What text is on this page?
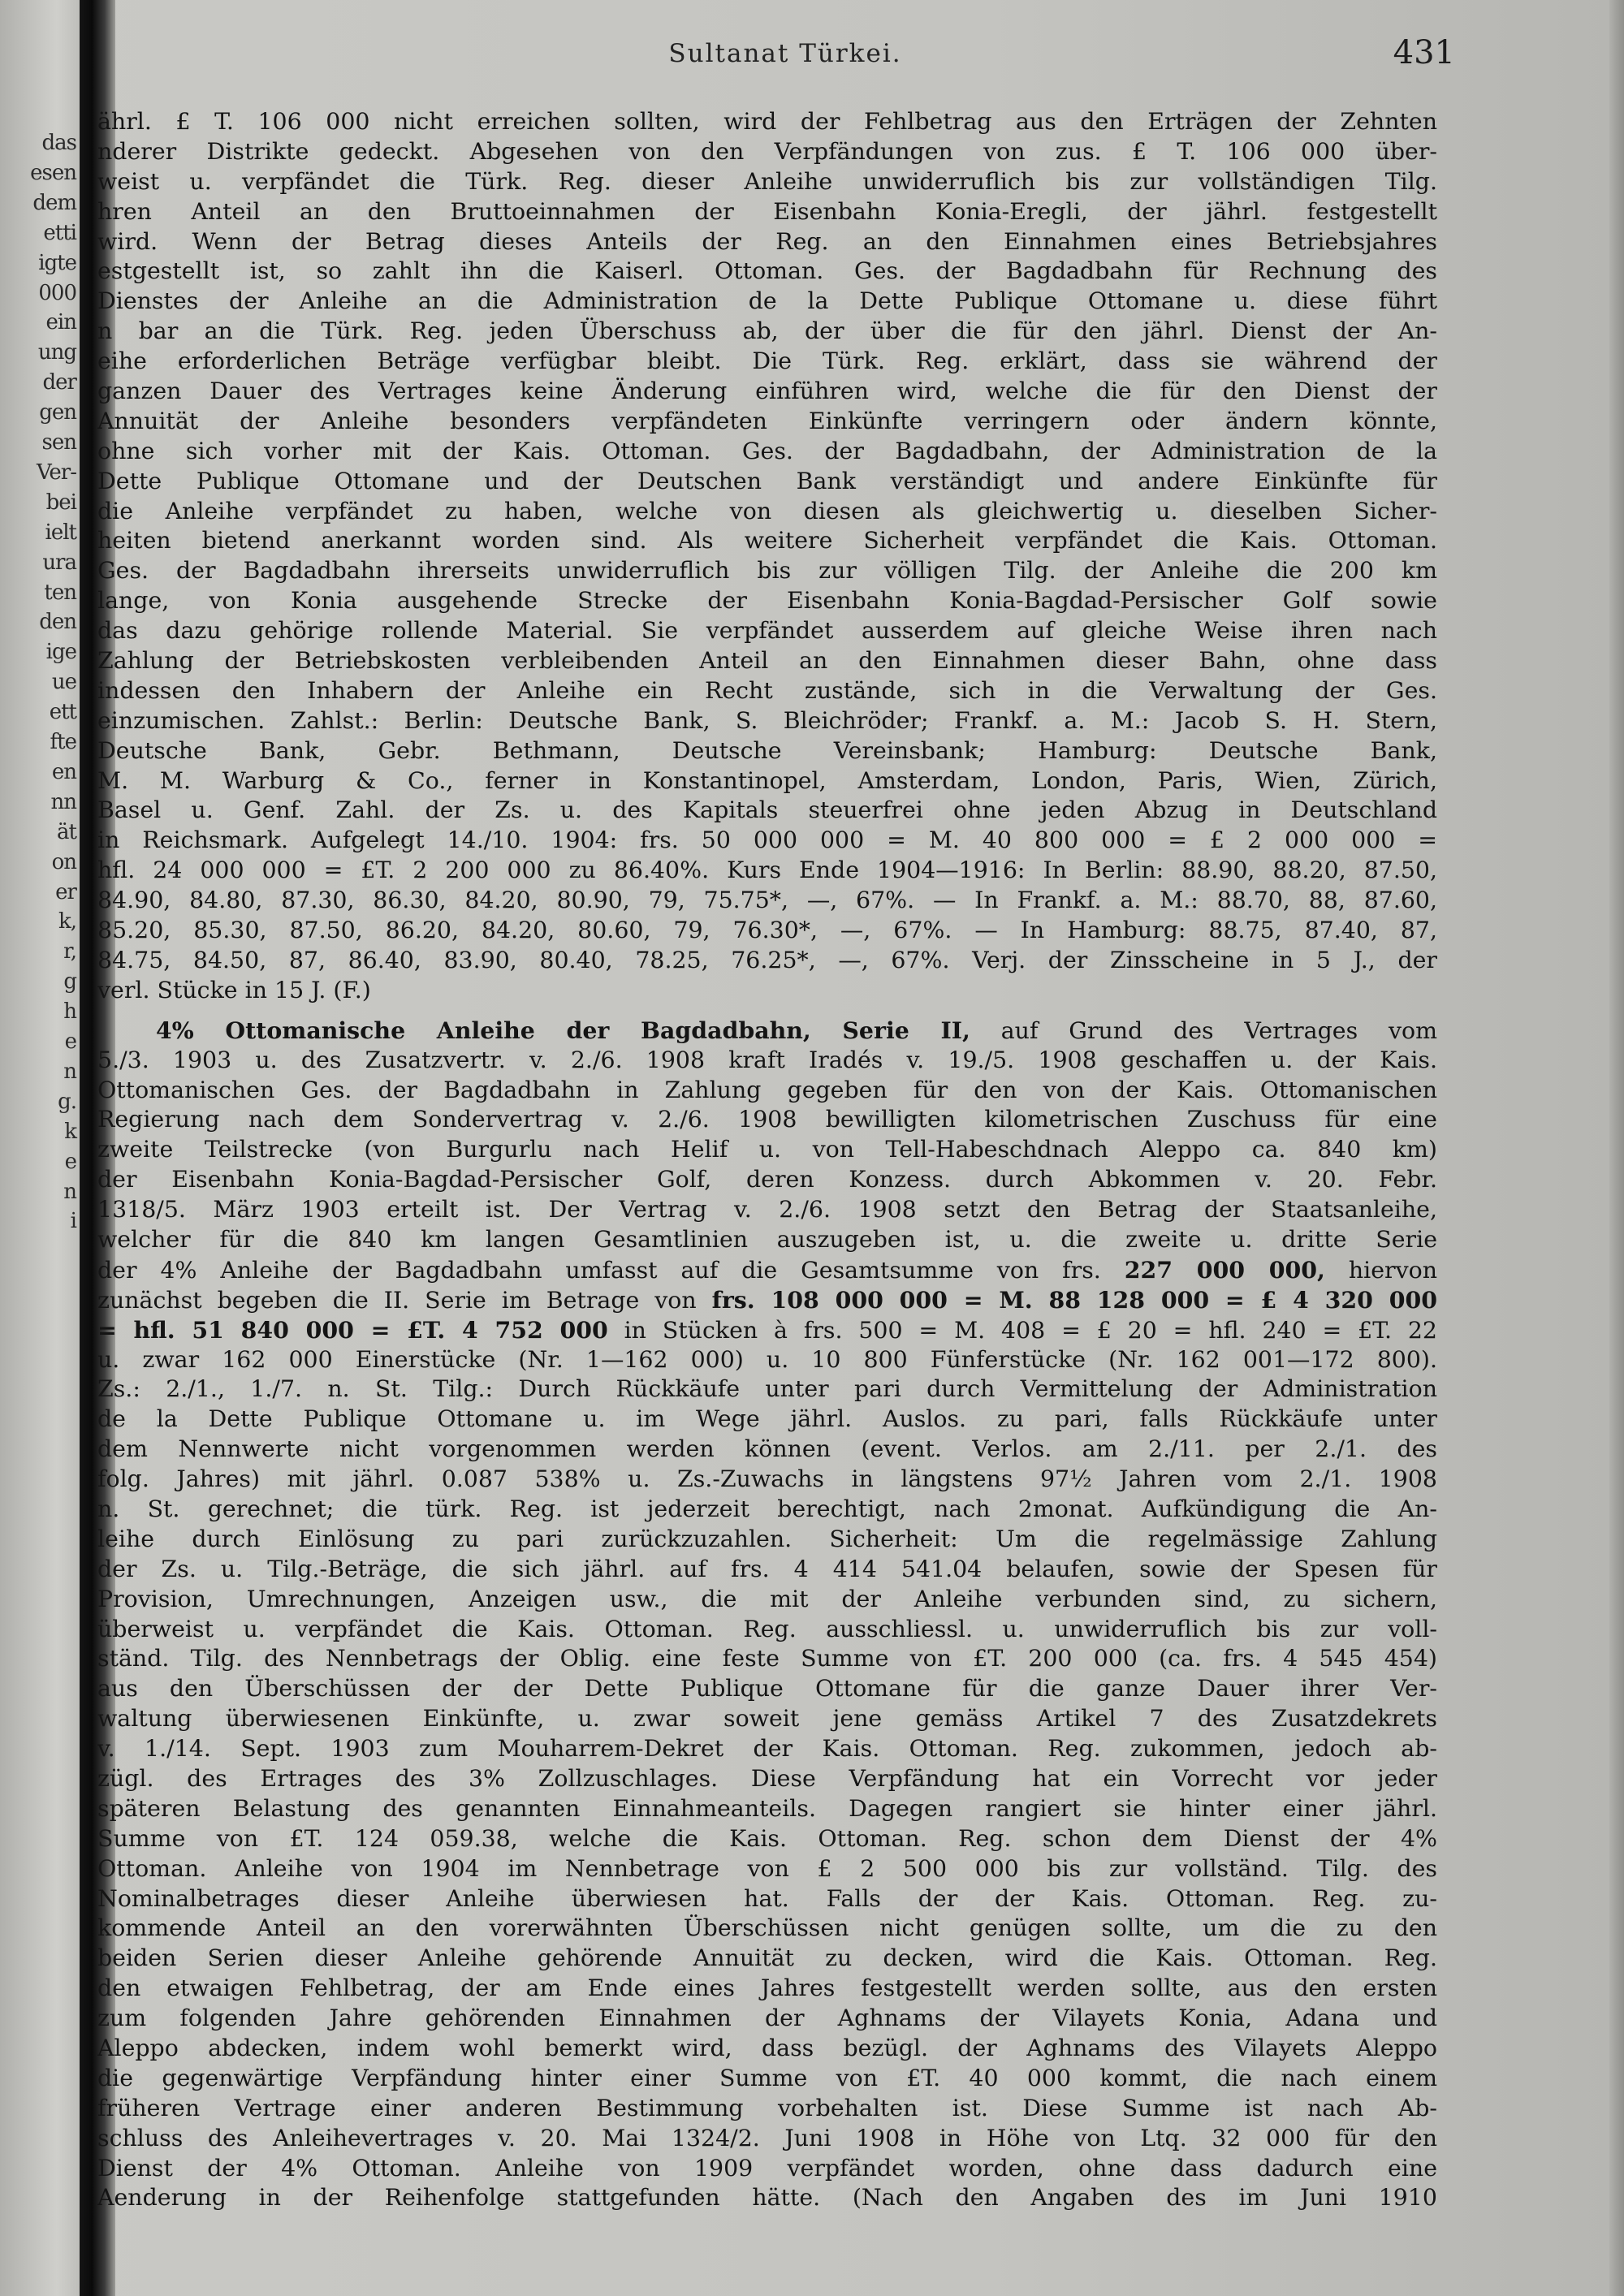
das
esen
dem
etti
igte
000
ein
ung
der
gen
sen
Ver-
bei
ielt
ura
ten
den
ige
ue
ett
fte
en
nn
ät
on
er
k,
r,
g
h
e
n
g.
k
e
n
i
Sultanat Türkei.	431
ährl. £ T. 106 000 nicht erreichen sollten, wird der Fehlbetrag aus den Erträgen der Zehnten
nderer Distrikte gedeckt. Abgesehen von den Verpfändungen von zus. £ T. 106 000 über-
weist u. verpfändet die Türk. Reg. dieser Anleihe unwiderruflich bis zur vollständigen Tilg.
hren Anteil an den Bruttoeinnahmen der Eisenbahn Konia-Eregli, der jährl. festgestellt
wird. Wenn der Betrag dieses Anteils der Reg. an den Einnahmen eines Betriebsjahres
estgestellt ist, so zahlt ihn die Kaiserl. Ottoman. Ges. der Bagdadbahn für Rechnung des
Dienstes der Anleihe an die Administration de la Dette Publique Ottomane u. diese führt
n bar an die Türk. Reg. jeden Überschuss ab, der über die für den jährl. Dienst der An-
eihe erforderlichen Beträge verfügbar bleibt. Die Türk. Reg. erklärt, dass sie während der
ganzen Dauer des Vertrages keine Änderung einführen wird, welche die für den Dienst der
Annuität der Anleihe besonders verpfändeten Einkünfte verringern oder ändern könnte,
ohne sich vorher mit der Kais. Ottoman. Ges. der Bagdadbahn, der Administration de la
Dette Publique Ottomane und der Deutschen Bank verständigt und andere Einkünfte für
die Anleihe verpfändet zu haben, welche von diesen als gleichwertig u. dieselben Sicher-
heiten bietend anerkannt worden sind. Als weitere Sicherheit verpfändet die Kais. Ottoman.
Ges. der Bagdadbahn ihrerseits unwiderruflich bis zur völligen Tilg. der Anleihe die 200 km
lange, von Konia ausgehende Strecke der Eisenbahn Konia-Bagdad-Persischer Golf sowie
das dazu gehörige rollende Material. Sie verpfändet ausserdem auf gleiche Weise ihren nach
Zahlung der Betriebskosten verbleibenden Anteil an den Einnahmen dieser Bahn, ohne dass
indessen den Inhabern der Anleihe ein Recht zustände, sich in die Verwaltung der Ges.
einzumischen. Zahlst.: Berlin: Deutsche Bank, S. Bleichröder; Frankf. a. M.: Jacob S. H. Stern,
Deutsche Bank, Gebr. Bethmann, Deutsche Vereinsbank; Hamburg: Deutsche Bank,
M. M. Warburg & Co., ferner in Konstantinopel, Amsterdam, London, Paris, Wien, Zürich,
Basel u. Genf. Zahl. der Zs. u. des Kapitals steuerfrei ohne jeden Abzug in Deutschland
in Reichsmark. Aufgelegt 14./10. 1904: frs. 50 000 000 = M. 40 800 000 = £ 2 000 000 =
hfl. 24 000 000 = £T. 2 200 000 zu 86.40%. Kurs Ende 1904—1916: In Berlin: 88.90, 88.20, 87.50,
84.90, 84.80, 87.30, 86.30, 84.20, 80.90, 79, 75.75*, —, 67%. — In Frankf. a. M.: 88.70, 88, 87.60,
85.20, 85.30, 87.50, 86.20, 84.20, 80.60, 79, 76.30*, —, 67%. — In Hamburg: 88.75, 87.40, 87,
84.75, 84.50, 87, 86.40, 83.90, 80.40, 78.25, 76.25*, —, 67%. Verj. der Zinsscheine in 5 J., der
verl. Stücke in 15 J. (F.)
4% Ottomanische Anleihe der Bagdadbahn, Serie II, auf Grund des Vertrages vom
5./3. 1903 u. des Zusatzvertr. v. 2./6. 1908 kraft Iradés v. 19./5. 1908 geschaffen u. der Kais.
Ottomanischen Ges. der Bagdadbahn in Zahlung gegeben für den von der Kais. Ottomanischen
Regierung nach dem Sondervertrag v. 2./6. 1908 bewilligten kilometrischen Zuschuss für eine
zweite Teilstrecke (von Burgurlu nach Helif u. von Tell-Habeschdnach Aleppo ca. 840 km)
der Eisenbahn Konia-Bagdad-Persischer Golf, deren Konzess. durch Abkommen v. 20. Febr.
1318/5. März 1903 erteilt ist. Der Vertrag v. 2./6. 1908 setzt den Betrag der Staatsanleihe,
welcher für die 840 km langen Gesamtlinien auszugeben ist, u. die zweite u. dritte Serie
der 4% Anleihe der Bagdadbahn umfasst auf die Gesamtsumme von frs. 227 000 000, hiervon
zunächst begeben die II. Serie im Betrage von frs. 108 000 000 = M. 88 128 000 = £ 4 320 000
= hfl. 51 840 000 = £T. 4 752 000 in Stücken à frs. 500 = M. 408 = £ 20 = hfl. 240 = £T. 22
u. zwar 162 000 Einerstücke (Nr. 1—162 000) u. 10 800 Fünferstücke (Nr. 162 001—172 800).
Zs.: 2./1., 1./7. n. St. Tilg.: Durch Rückkäufe unter pari durch Vermittelung der Administration
de la Dette Publique Ottomane u. im Wege jährl. Auslos. zu pari, falls Rückkäufe unter
dem Nennwerte nicht vorgenommen werden können (event. Verlos. am 2./11. per 2./1. des
folg. Jahres) mit jährl. 0.087 538% u. Zs.-Zuwachs in längstens 97½ Jahren vom 2./1. 1908
n. St. gerechnet; die türk. Reg. ist jederzeit berechtigt, nach 2monat. Aufkündigung die An-
leihe durch Einlösung zu pari zurückzuzahlen. Sicherheit: Um die regelmässige Zahlung
der Zs. u. Tilg.-Beträge, die sich jährl. auf frs. 4 414 541.04 belaufen, sowie der Spesen für
Provision, Umrechnungen, Anzeigen usw., die mit der Anleihe verbunden sind, zu sichern,
überweist u. verpfändet die Kais. Ottoman. Reg. ausschliessl. u. unwiderruflich bis zur voll-
ständ. Tilg. des Nennbetrags der Oblig. eine feste Summe von £T. 200 000 (ca. frs. 4 545 454)
aus den Überschüssen der der Dette Publique Ottomane für die ganze Dauer ihrer Ver-
waltung überwiesenen Einkünfte, u. zwar soweit jene gemäss Artikel 7 des Zusatzdekrets
v. 1./14. Sept. 1903 zum Mouharrem-Dekret der Kais. Ottoman. Reg. zukommen, jedoch ab-
zügl. des Ertrages des 3% Zollzuschlages. Diese Verpfändung hat ein Vorrecht vor jeder
späteren Belastung des genannten Einnahmeanteils. Dagegen rangiert sie hinter einer jährl.
Summe von £T. 124 059.38, welche die Kais. Ottoman. Reg. schon dem Dienst der 4%
Ottoman. Anleihe von 1904 im Nennbetrage von £ 2 500 000 bis zur vollständ. Tilg. des
Nominalbetrages dieser Anleihe überwiesen hat. Falls der der Kais. Ottoman. Reg. zu-
kommende Anteil an den vorerwähnten Überschüssen nicht genügen sollte, um die zu den
beiden Serien dieser Anleihe gehörende Annuität zu decken, wird die Kais. Ottoman. Reg.
den etwaigen Fehlbetrag, der am Ende eines Jahres festgestellt werden sollte, aus den ersten
zum folgenden Jahre gehörenden Einnahmen der Aghnams der Vilayets Konia, Adana und
Aleppo abdecken, indem wohl bemerkt wird, dass bezügl. der Aghnams des Vilayets Aleppo
die gegenwärtige Verpfändung hinter einer Summe von £T. 40 000 kommt, die nach einem
früheren Vertrage einer anderen Bestimmung vorbehalten ist. Diese Summe ist nach Ab-
schluss des Anleihevertrages v. 20. Mai 1324/2. Juni 1908 in Höhe von Ltq. 32 000 für den
Dienst der 4% Ottoman. Anleihe von 1909 verpfändet worden, ohne dass dadurch eine
Aenderung in der Reihenfolge stattgefunden hätte. (Nach den Angaben des im Juni 1910
